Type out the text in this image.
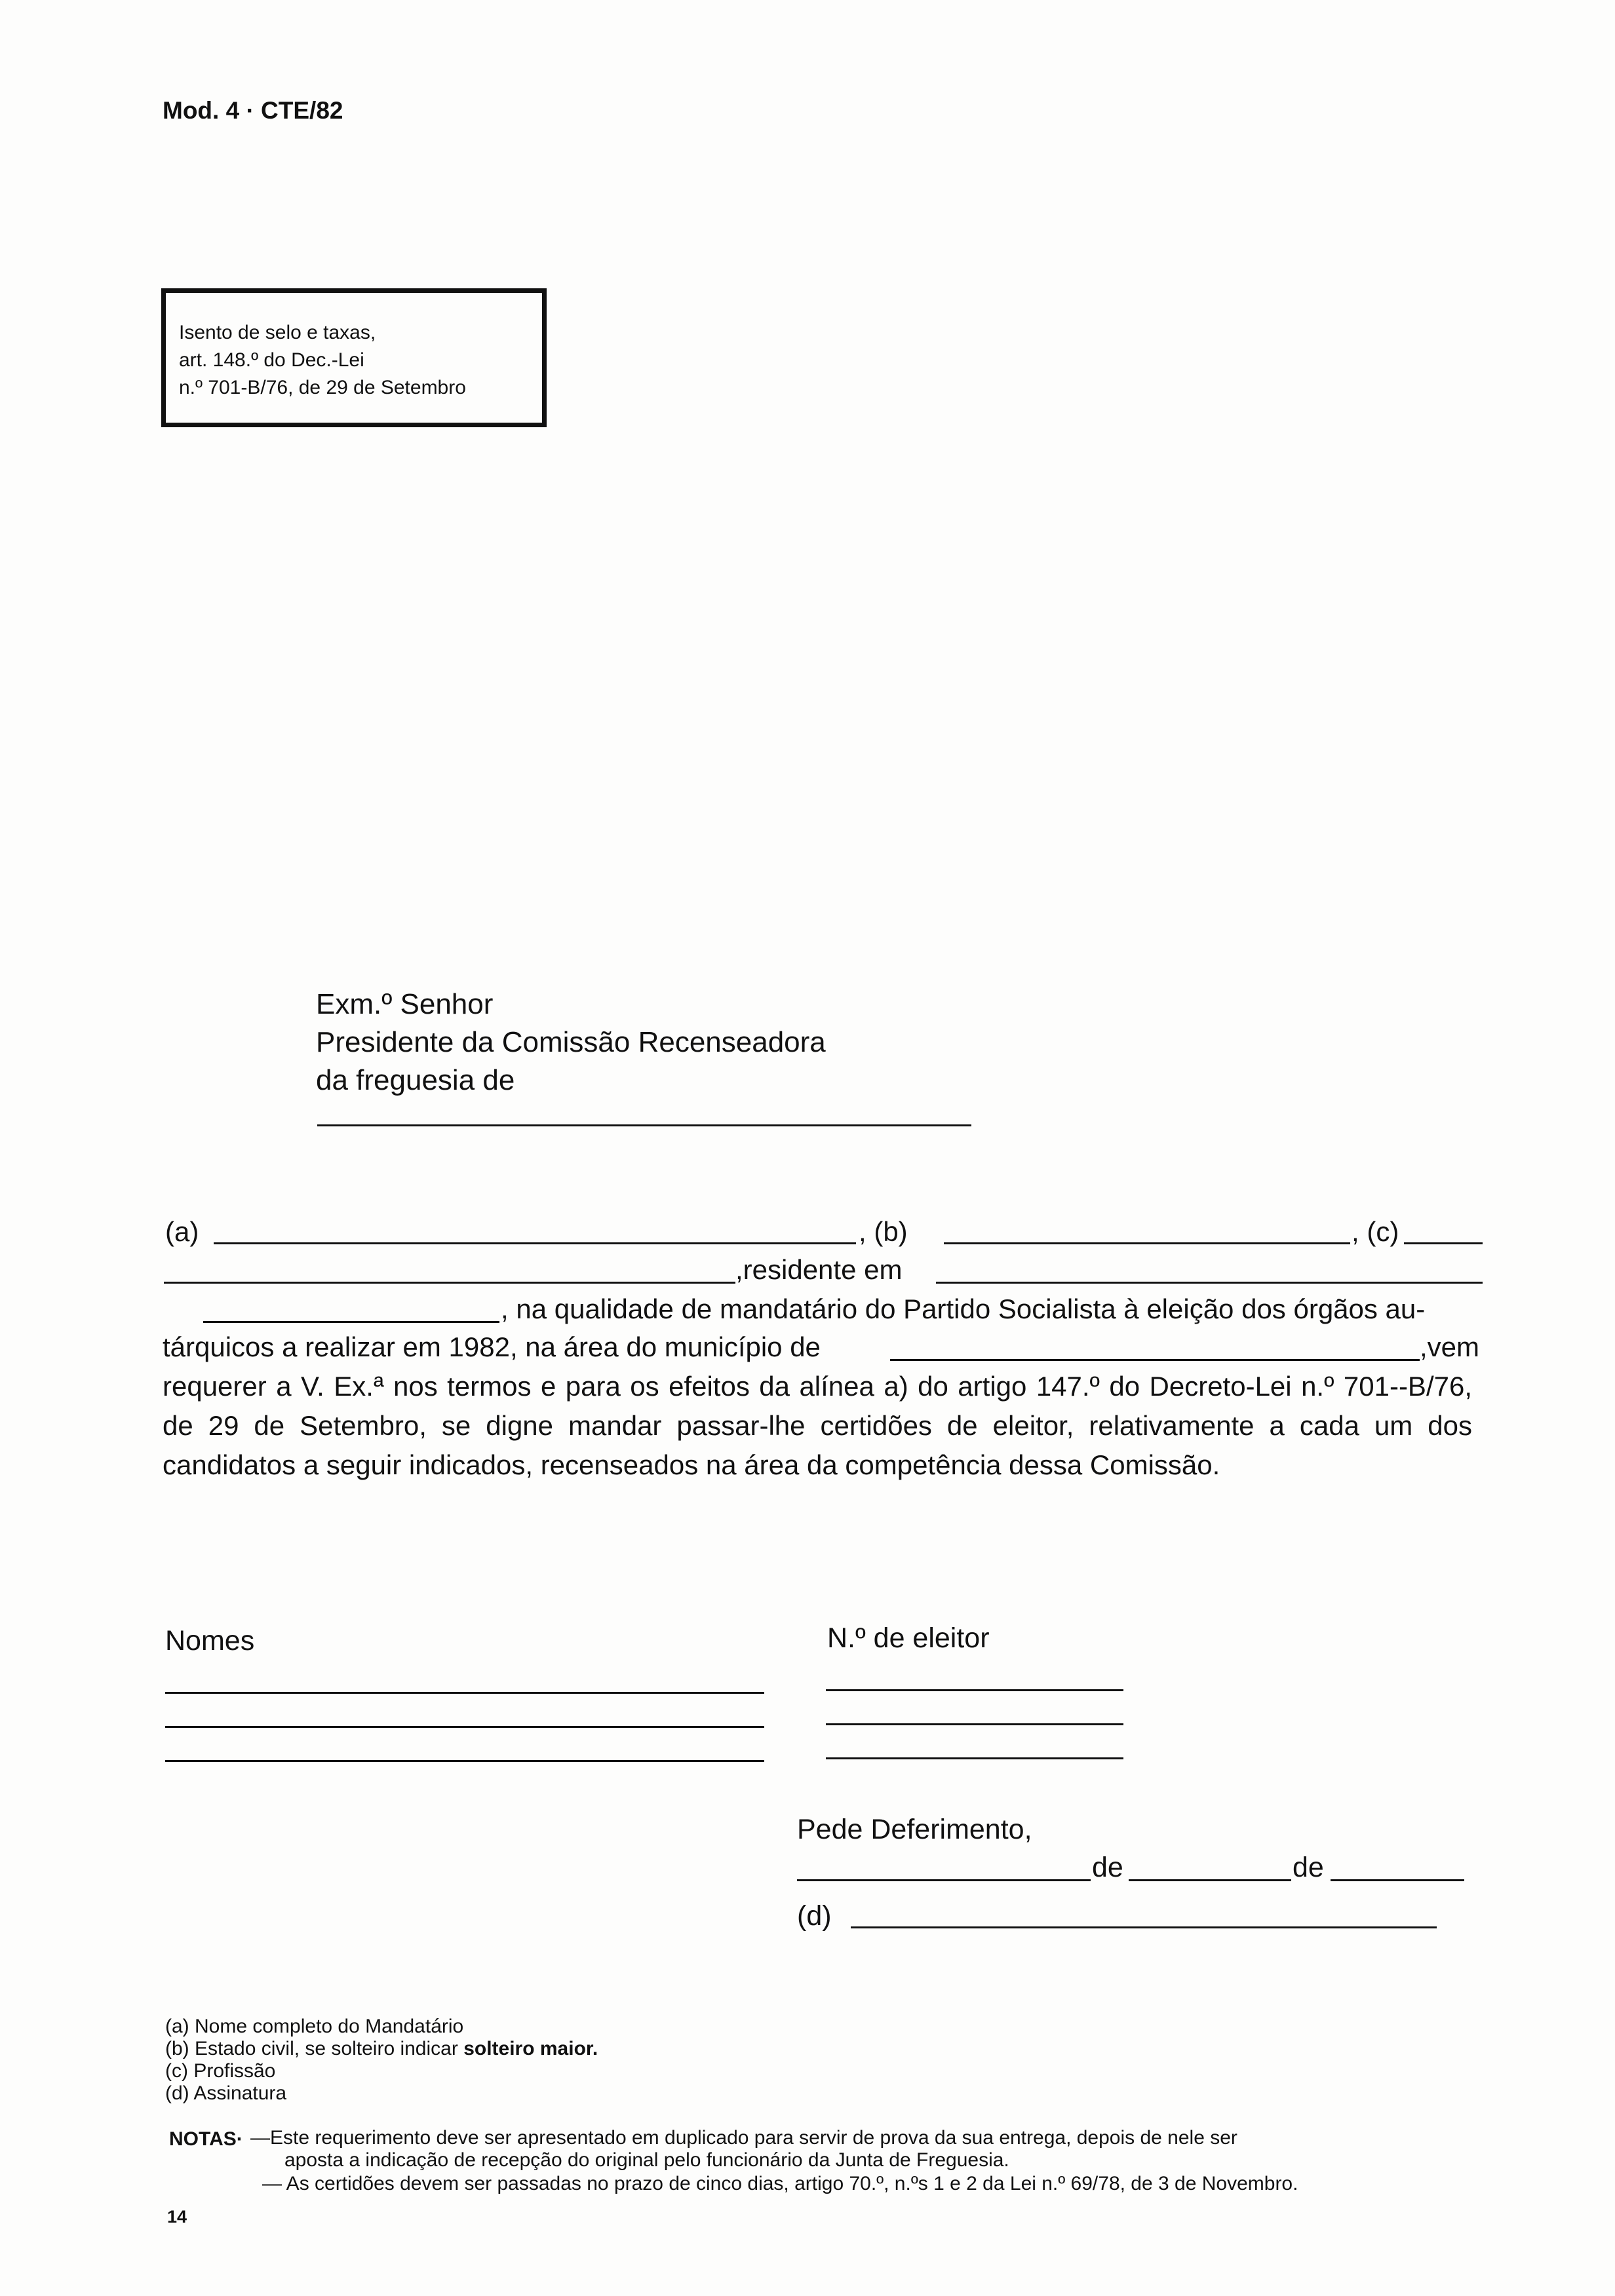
Mod. 4 · CTE/82
Isento de selo e taxas,
art. 148.º do Dec.-Lei
n.º 701-B/76, de 29 de Setembro
Exm.º Senhor
Presidente da Comissão Recenseadora
da freguesia de
(a)	, (b)	, (c)
,residente em
, na qualidade de mandatário do Partido Socialista à eleição dos órgãos au-
tárquicos a realizar em 1982, na área do município de	,vem
requerer a V. Ex.ª nos termos e para os efeitos da alínea a) do artigo 147.º do Decreto-Lei n.º 701--B/76, de 29 de Setembro, se digne mandar passar-lhe certidões de eleitor, relativamente a cada um dos candidatos a seguir indicados, recenseados na área da competência dessa Comissão.
Nomes	N.º de eleitor
Pede Deferimento,
de	de
(d)
(a) Nome completo do Mandatário
(b) Estado civil, se solteiro indicar solteiro maior.
(c) Profissão
(d) Assinatura
NOTAS· —Este requerimento deve ser apresentado em duplicado para servir de prova da sua entrega, depois de nele ser
aposta a indicação de recepção do original pelo funcionário da Junta de Freguesia.
— As certidões devem ser passadas no prazo de cinco dias, artigo 70.º, n.ºs 1 e 2 da Lei n.º 69/78, de 3 de Novembro.
14
